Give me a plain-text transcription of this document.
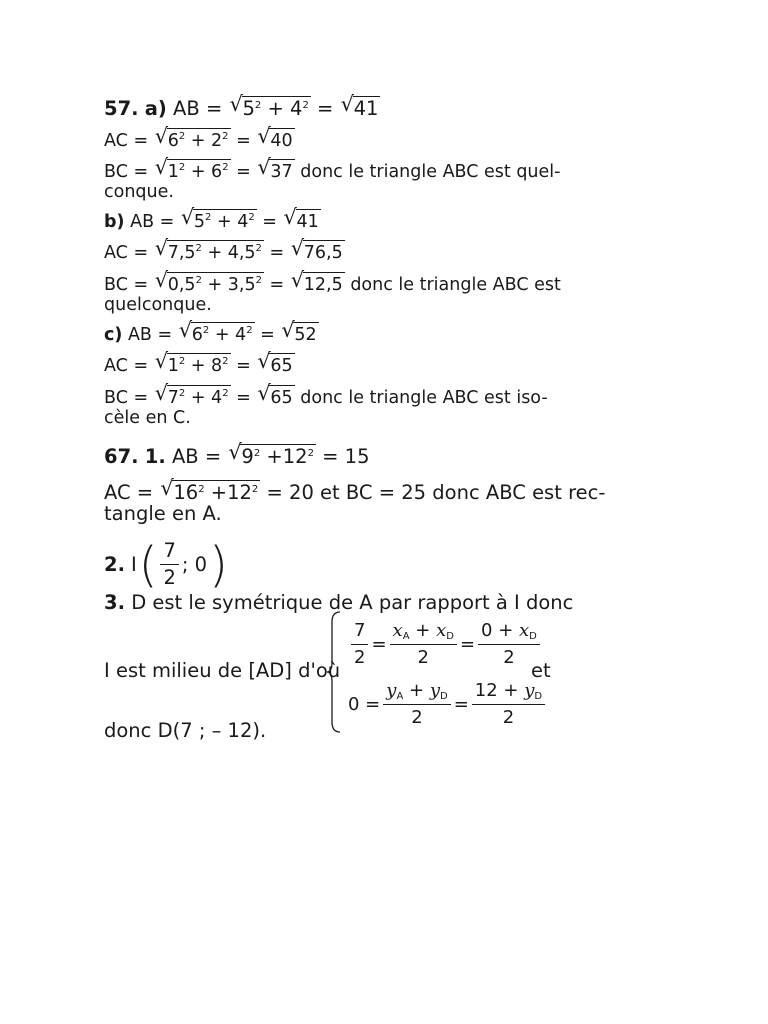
57. a) AB = √ $5^2 + 4^2$ = √ 41
AC = √ $6^2 + 2^2$ = √ 40
BC = √ $1^2 + 6^2$ = √ 37 donc le triangle ABC est quel-
conque.
b) AB = √ $5^2 + 4^2$ = √ 41
AC = √ $7,5^2 + 4,5^2$ = √ 76,5
BC = √ $0,5^2 + 3,5^2$ = √ 12,5 donc le triangle ABC est
quelconque.
c) AB = √ $6^2 + 4^2$ = √ 52
AC = √ $1^2 + 8^2$ = √ 65
BC = √ $7^2 + 4^2$ = √ 65 donc le triangle ABC est iso-
cèle en C.
67. 1. AB = √ $9^2 +12^2 = 15$
AC = √ $16^2 +12^2 = 20$ et BC = 25 donc ABC est rec-
tangle en A.
2. I ( $\frac{7}{2}$ ; 0 )
3. D est le symétrique de A par rapport à I donc
I est milieu de [AD] d'où
$\frac{7}{2} = \frac{x_A + x_D}{2} = \frac{0 + x_D}{2}$
et
$0 = \frac{y_A + y_D}{2} = \frac{12 + y_D}{2}$
donc D(7 ; – 12).
